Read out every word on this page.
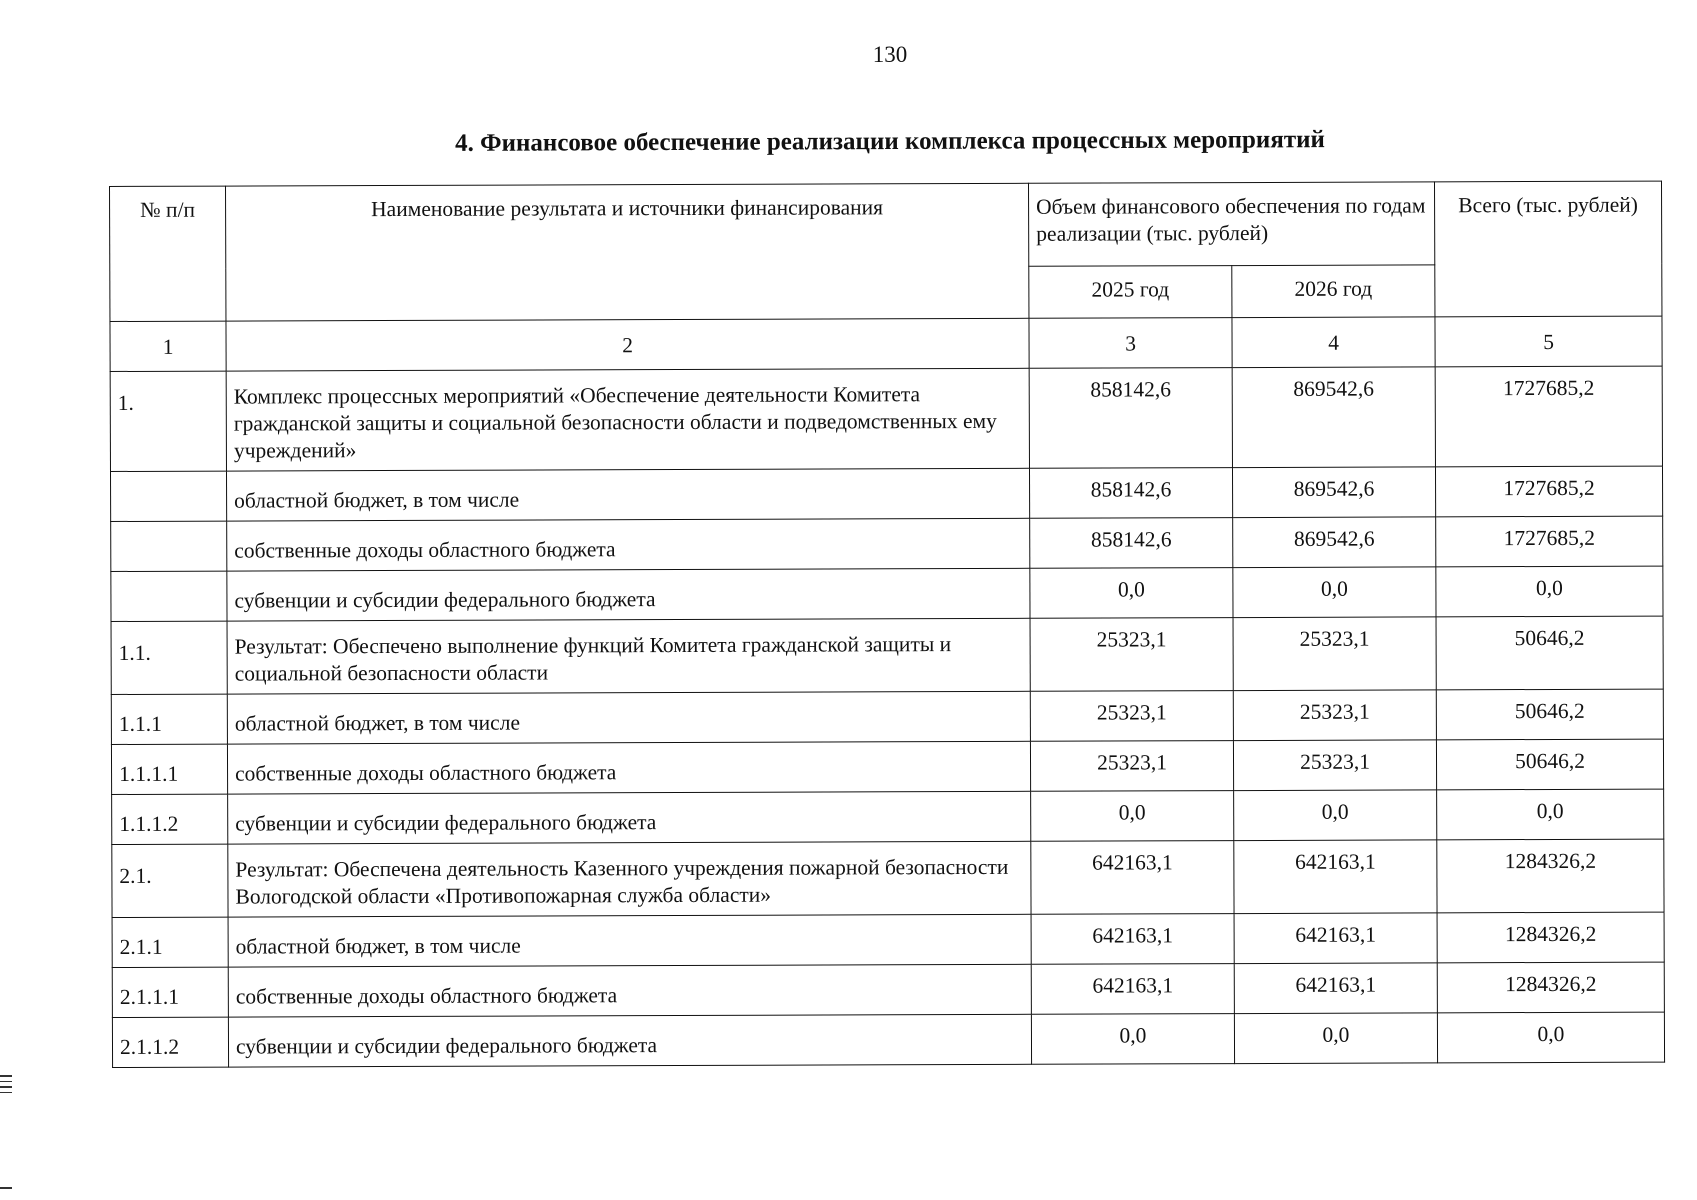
130
4. Финансовое обеспечение реализации комплекса процессных мероприятий
№ п/п	Наименование результата и источники финансирования	Объем финансового обеспечения по годам реализации (тыс. рублей)		Всего (тыс. рублей)
		2025 год	2026 год	
1	2	3	4	5
1.	Комплекс процессных мероприятий «Обеспечение деятельности Комитета гражданской защиты и социальной безопасности области и подведомственных ему учреждений»	858142,6	869542,6	1727685,2
	областной бюджет, в том числе	858142,6	869542,6	1727685,2
	собственные доходы областного бюджета	858142,6	869542,6	1727685,2
	субвенции и субсидии федерального бюджета	0,0	0,0	0,0
1.1.	Результат: Обеспечено выполнение функций Комитета гражданской защиты и социальной безопасности области	25323,1	25323,1	50646,2
1.1.1	областной бюджет, в том числе	25323,1	25323,1	50646,2
1.1.1.1	собственные доходы областного бюджета	25323,1	25323,1	50646,2
1.1.1.2	субвенции и субсидии федерального бюджета	0,0	0,0	0,0
2.1.	Результат: Обеспечена деятельность Казенного учреждения пожарной безопасности Вологодской области «Противопожарная служба области»	642163,1	642163,1	1284326,2
2.1.1	областной бюджет, в том числе	642163,1	642163,1	1284326,2
2.1.1.1	собственные доходы областного бюджета	642163,1	642163,1	1284326,2
2.1.1.2	субвенции и субсидии федерального бюджета	0,0	0,0	0,0
